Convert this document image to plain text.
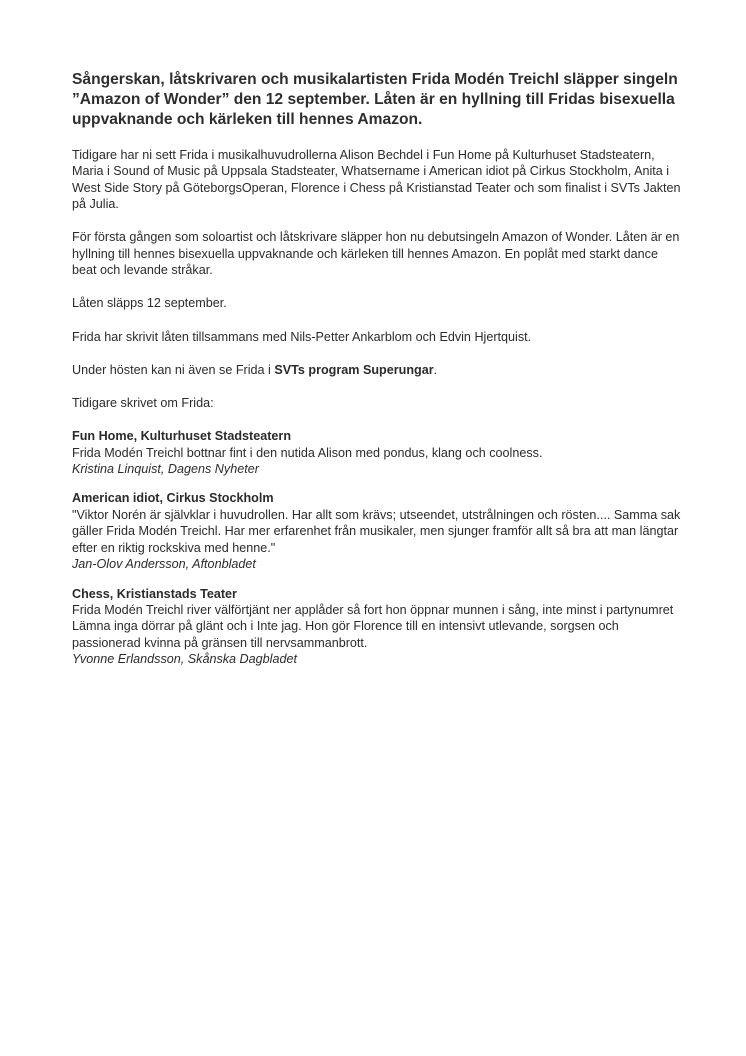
Sångerskan, låtskrivaren och musikalartisten Frida Modén Treichl släpper singeln ”Amazon of Wonder” den 12 september. Låten är en hyllning till Fridas bisexuella uppvaknande och kärleken till hennes Amazon.

Tidigare har ni sett Frida i musikalhuvudrollerna Alison Bechdel i Fun Home på Kulturhuset Stadsteatern, Maria i Sound of Music på Uppsala Stadsteater, Whatsername i American idiot på Cirkus Stockholm, Anita i West Side Story på GöteborgsOperan, Florence i Chess på Kristianstad Teater och som finalist i SVTs Jakten på Julia.

För första gången som soloartist och låtskrivare släpper hon nu debutsingeln Amazon of Wonder. Låten är en hyllning till hennes bisexuella uppvaknande och kärleken till hennes Amazon. En poplåt med starkt dance beat och levande stråkar.

Låten släpps 12 september.

Frida har skrivit låten tillsammans med Nils-Petter Ankarblom och Edvin Hjertquist.

Under hösten kan ni även se Frida i SVTs program Superungar.

Tidigare skrivet om Frida:

Fun Home, Kulturhuset Stadsteatern
Frida Modén Treichl bottnar fint i den nutida Alison med pondus, klang och coolness.
Kristina Linquist, Dagens Nyheter
American idiot, Cirkus Stockholm
"Viktor Norén är självklar i huvudrollen. Har allt som krävs; utseendet, utstrålningen och rösten.... Samma sak gäller Frida Modén Treichl. Har mer erfarenhet från musikaler, men sjunger framför allt så bra att man längtar efter en riktig rockskiva med henne."
Jan-Olov Andersson, Aftonbladet
Chess, Kristianstads Teater
Frida Modén Treichl river välförtjänt ner applåder så fort hon öppnar munnen i sång, inte minst i partynumret Lämna inga dörrar på glänt och i Inte jag. Hon gör Florence till en intensivt utlevande, sorgsen och passionerad kvinna på gränsen till nervsammanbrott.
Yvonne Erlandsson, Skånska Dagbladet
